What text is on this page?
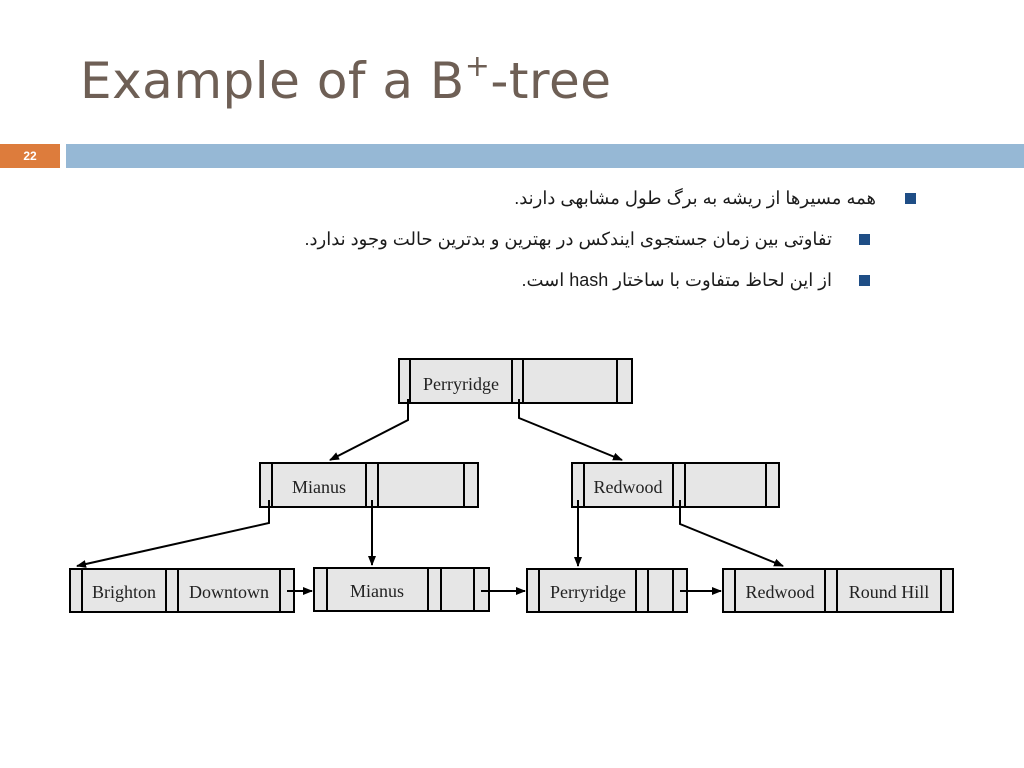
Example of a B+-tree
22
همه مسیرها از ریشه به برگ طول مشابهی دارند.
تفاوتی بین زمان جستجوی ایندکس در بهترین و بدترین حالت وجود ندارد.
از این لحاظ متفاوت با ساختار hash است.
Perryridge
Mianus	Redwood
Brighton Downtown	Mianus	Perryridge	Redwood Round Hill
